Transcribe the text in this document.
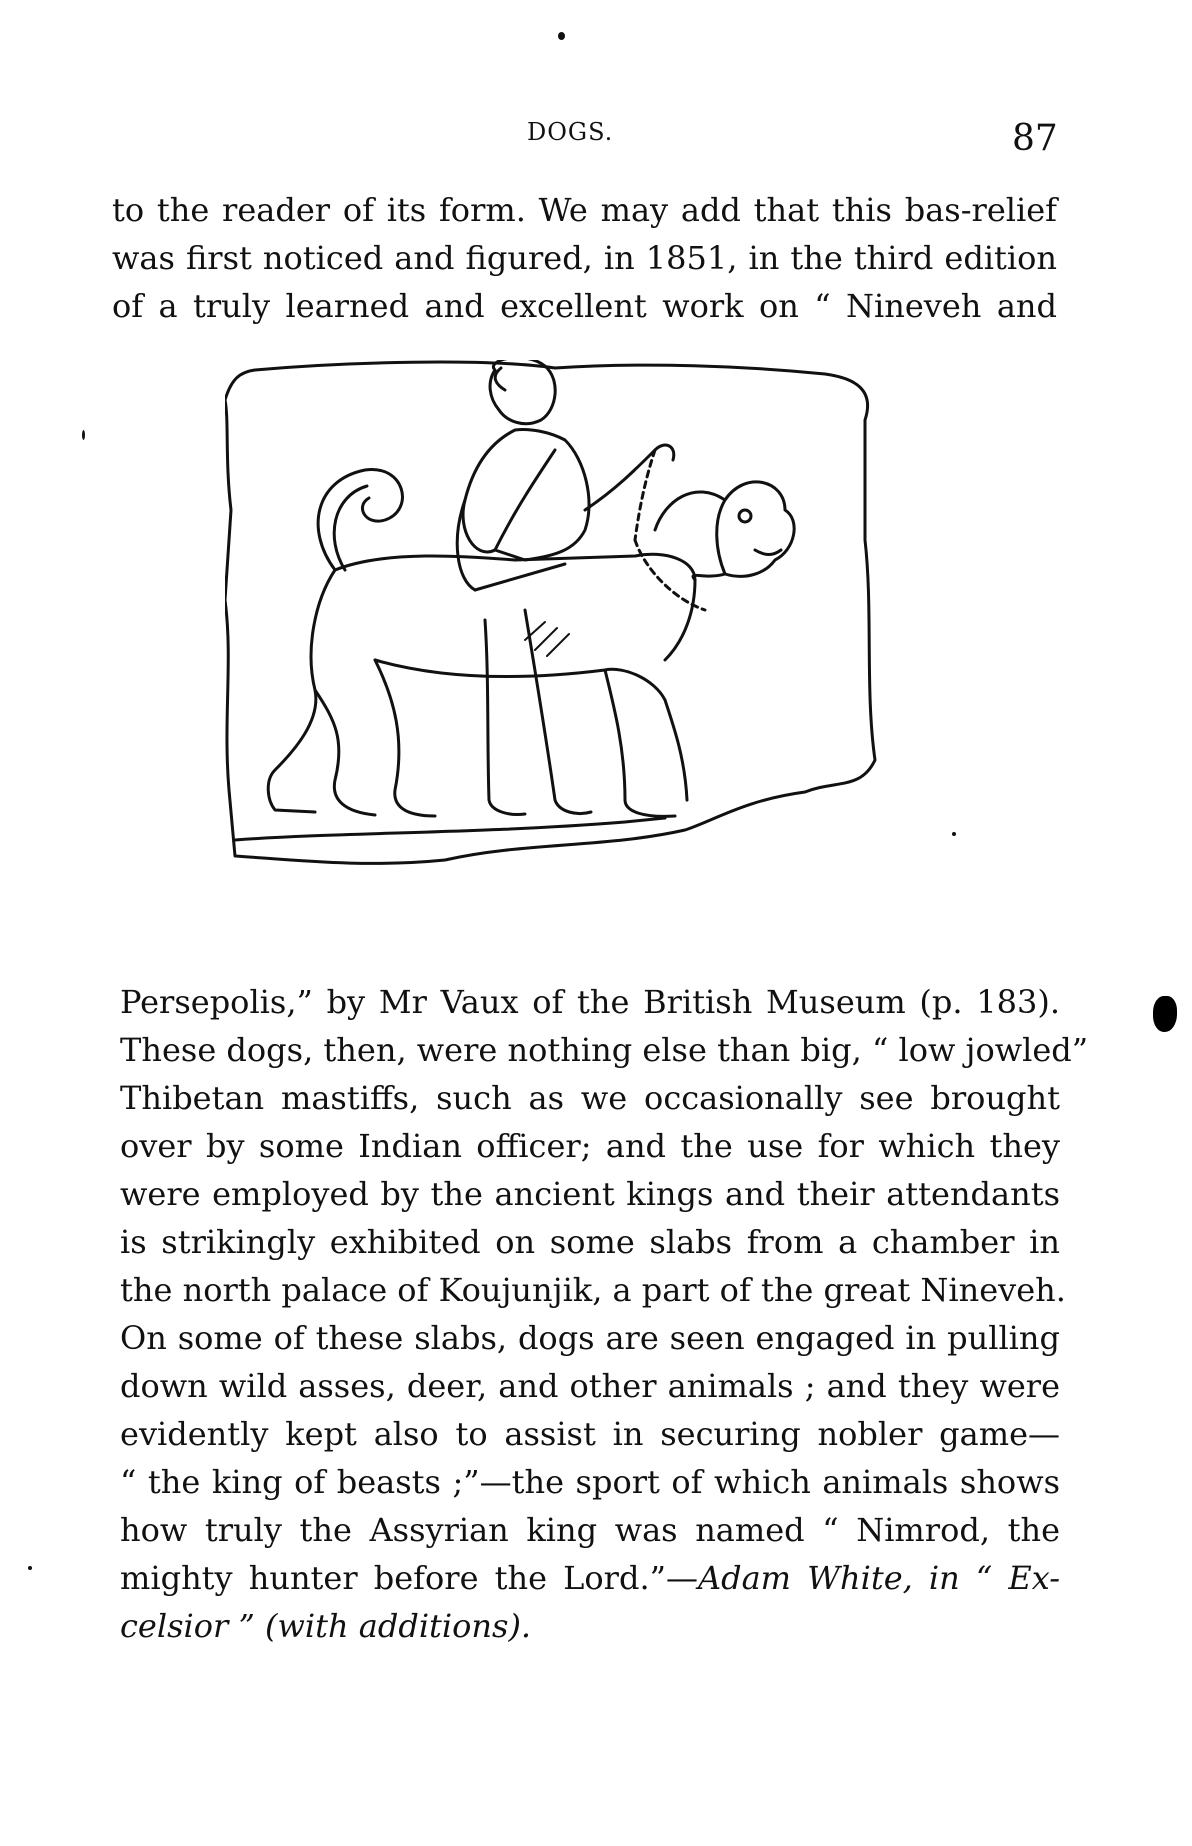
DOGS.	87
to the reader of its form. We may add that this bas-relief
was first noticed and figured, in 1851, in the third edition
of a truly learned and excellent work on “ Nineveh and
Persepolis,” by Mr Vaux of the British Museum (p. 183).
These dogs, then, were nothing else than big, “ low jowled”
Thibetan mastiffs, such as we occasionally see brought
over by some Indian officer; and the use for which they
were employed by the ancient kings and their attendants
is strikingly exhibited on some slabs from a chamber in
the north palace of Koujunjik, a part of the great Nineveh.
On some of these slabs, dogs are seen engaged in pulling
down wild asses, deer, and other animals ; and they were
evidently kept also to assist in securing nobler game—
“ the king of beasts ;”—the sport of which animals shows
how truly the Assyrian king was named “ Nimrod, the
mighty hunter before the Lord.”—Adam White, in “ Ex-
celsior ” (with additions).
